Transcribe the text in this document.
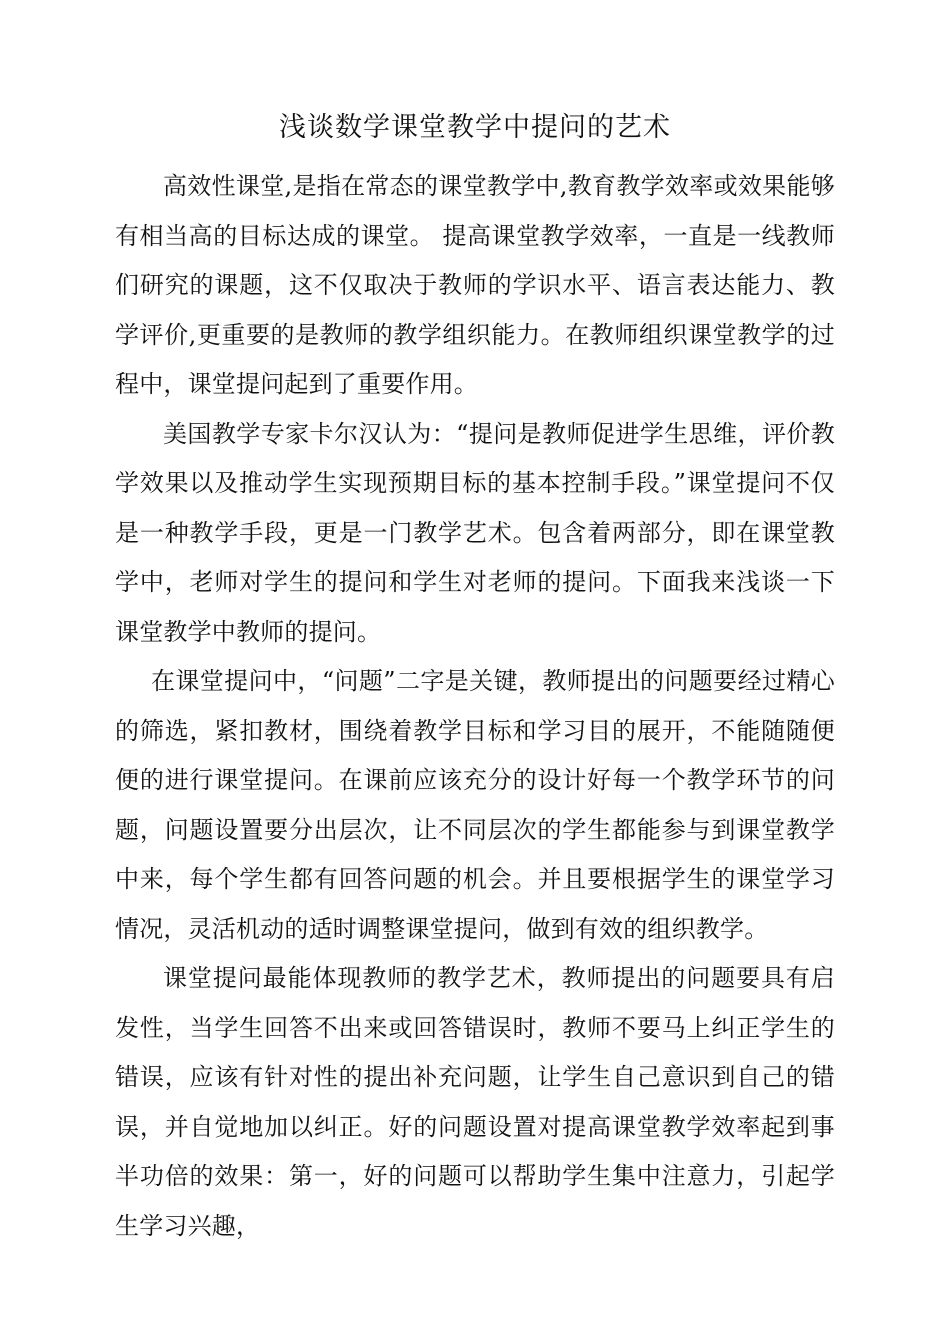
浅谈数学课堂教学中提问的艺术

高效性课堂,是指在常态的课堂教学中,教育教学效率或效果能够有相当高的目标达成的课堂。 提高课堂教学效率，一直是一线教师们研究的课题，这不仅取决于教师的学识水平、语言表达能力、教学评价,更重要的是教师的教学组织能力。在教师组织课堂教学的过程中，课堂提问起到了重要作用。

美国教学专家卡尔汉认为：“提问是教师促进学生思维，评价教学效果以及推动学生实现预期目标的基本控制手段。”课堂提问不仅是一种教学手段，更是一门教学艺术。包含着两部分，即在课堂教学中，老师对学生的提问和学生对老师的提问。下面我来浅谈一下课堂教学中教师的提问。

在课堂提问中，“问题”二字是关键，教师提出的问题要经过精心的筛选，紧扣教材，围绕着教学目标和学习目的展开，不能随随便便的进行课堂提问。在课前应该充分的设计好每一个教学环节的问题，问题设置要分出层次，让不同层次的学生都能参与到课堂教学中来，每个学生都有回答问题的机会。并且要根据学生的课堂学习情况，灵活机动的适时调整课堂提问，做到有效的组织教学。

课堂提问最能体现教师的教学艺术，教师提出的问题要具有启发性，当学生回答不出来或回答错误时，教师不要马上纠正学生的错误，应该有针对性的提出补充问题，让学生自己意识到自己的错误，并自觉地加以纠正。好的问题设置对提高课堂教学效率起到事半功倍的效果：第一，好的问题可以帮助学生集中注意力，引起学生学习兴趣，
